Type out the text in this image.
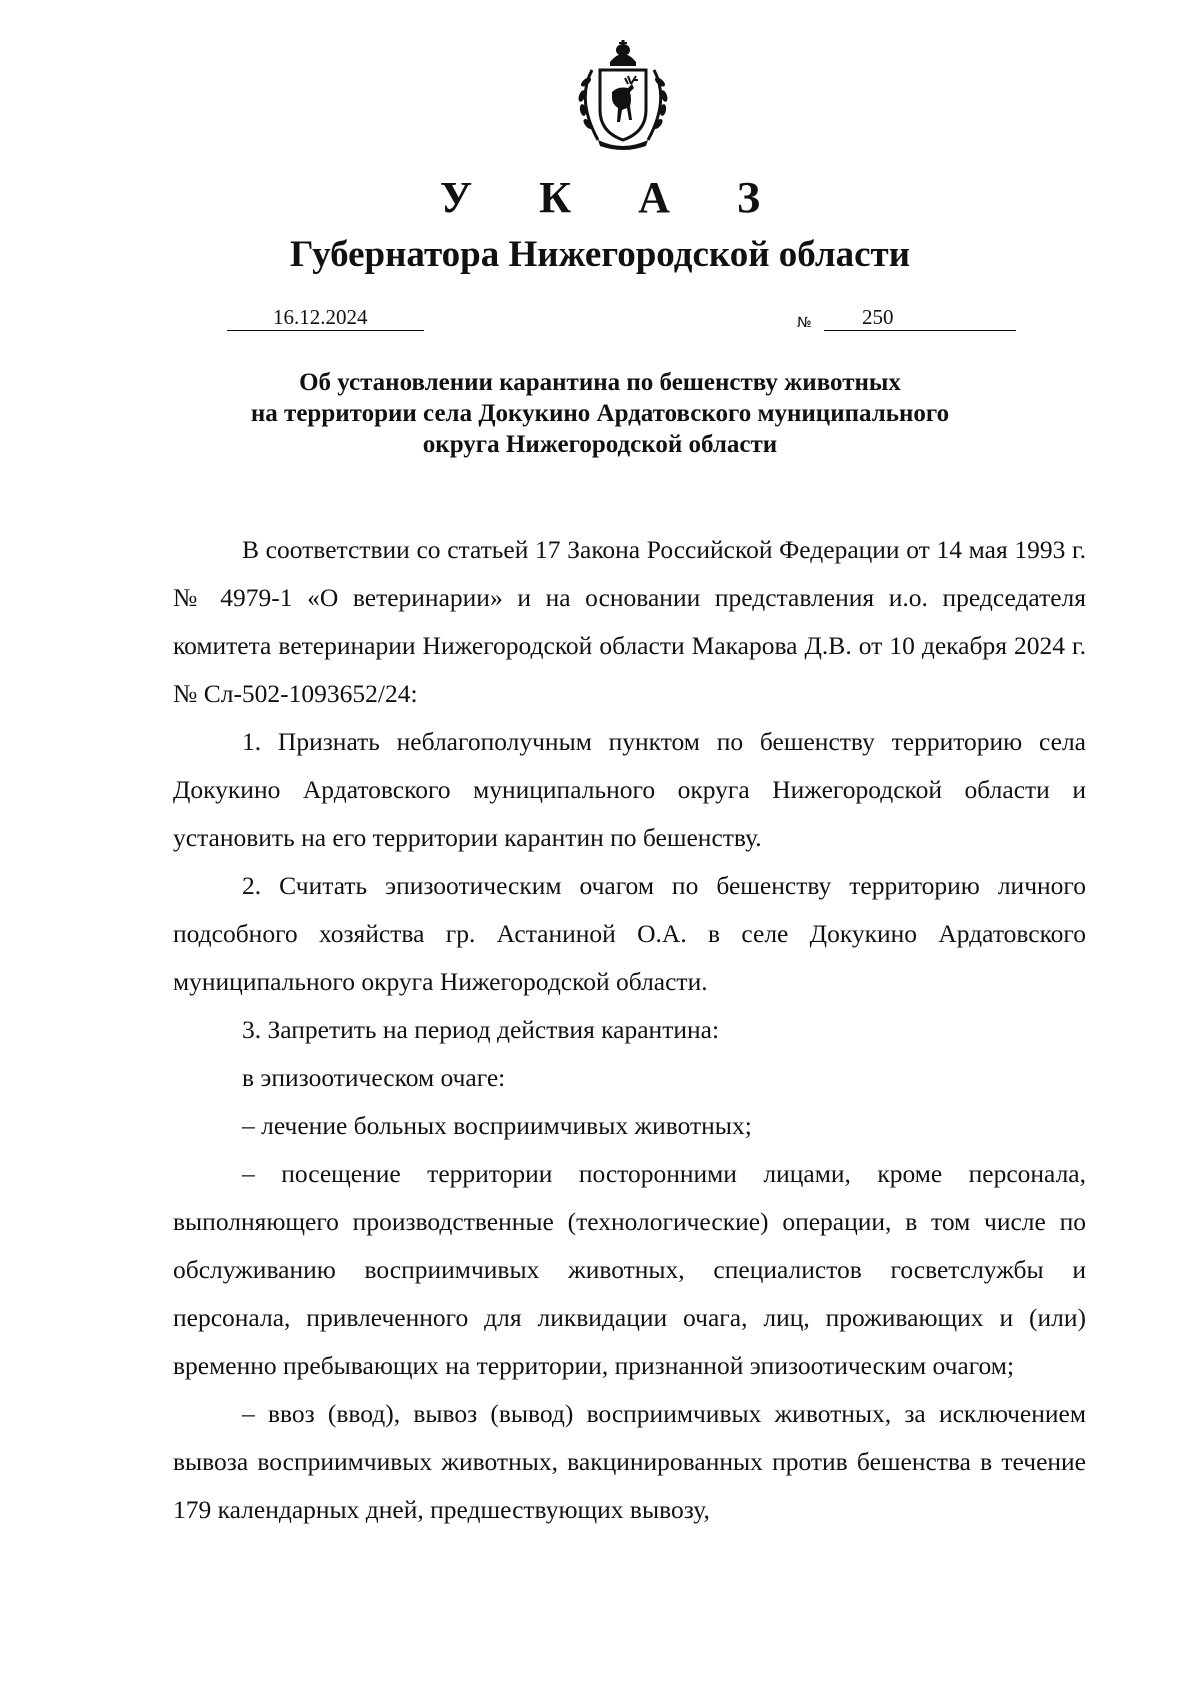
У К А З
Губернатора Нижегородской области
16.12.2024	№	250
Об установлении карантина по бешенству животных
на территории села Докукино Ардатовского муниципального
округа Нижегородской области

В соответствии со статьей 17 Закона Российской Федерации от 14 мая 1993 г. № 4979-1 «О ветеринарии» и на основании представления и.о. председателя комитета ветеринарии Нижегородской области Макарова Д.В. от 10 декабря 2024 г. № Сл-502-1093652/24:

1. Признать неблагополучным пунктом по бешенству территорию села Докукино Ардатовского муниципального округа Нижегородской области и установить на его территории карантин по бешенству.

2. Считать эпизоотическим очагом по бешенству территорию личного подсобного хозяйства гр. Астаниной О.А. в селе Докукино Ардатовского муниципального округа Нижегородской области.

3. Запретить на период действия карантина:

в эпизоотическом очаге:

– лечение больных восприимчивых животных;

– посещение территории посторонними лицами, кроме персонала, выполняющего производственные (технологические) операции, в том числе по обслуживанию восприимчивых животных, специалистов госветслужбы и персонала, привлеченного для ликвидации очага, лиц, проживающих и (или) временно пребывающих на территории, признанной эпизоотическим очагом;

– ввоз (ввод), вывоз (вывод) восприимчивых животных, за исключением вывоза восприимчивых животных, вакцинированных против бешенства в течение 179 календарных дней, предшествующих вывозу,
